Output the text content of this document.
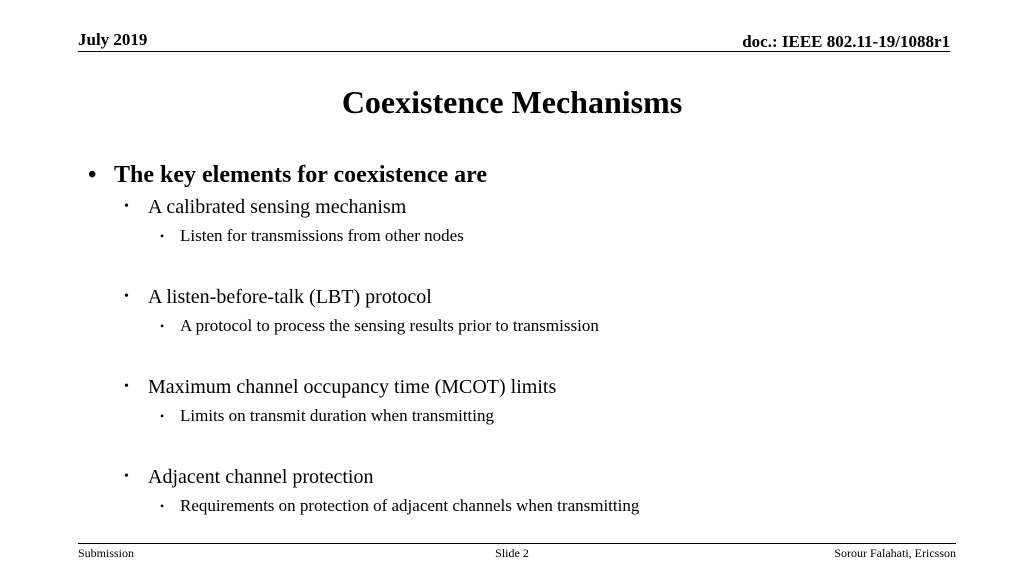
July 2019	doc.: IEEE 802.11-19/1088r1
Coexistence Mechanisms
• The key elements for coexistence are
• A calibrated sensing mechanism
• Listen for transmissions from other nodes
• A listen-before-talk (LBT) protocol
• A protocol to process the sensing results prior to transmission
• Maximum channel occupancy time (MCOT) limits
• Limits on transmit duration when transmitting
• Adjacent channel protection
• Requirements on protection of adjacent channels when transmitting
Submission	Slide 2	Sorour Falahati, Ericsson
